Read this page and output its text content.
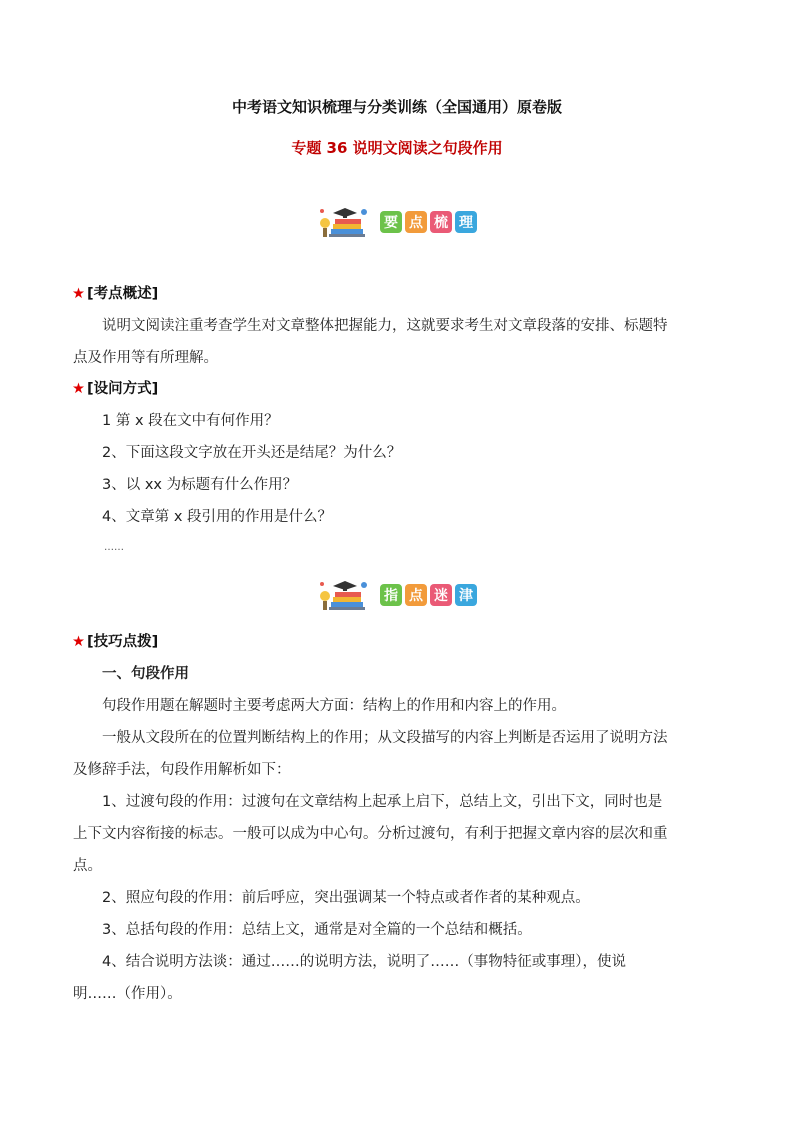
中考语文知识梳理与分类训练（全国通用）原卷版
专题 36 说明文阅读之句段作用
要 点 梳 理
★ [考点概述]
说明文阅读注重考查学生对文章整体把握能力，这就要求考生对文章段落的安排、标题特
点及作用等有所理解。
★ [设问方式]
1 第 x 段在文中有何作用？
2、下面这段文字放在开头还是结尾？为什么？
3、以 xx 为标题有什么作用？
4、文章第 x 段引用的作用是什么？
……
指 点 迷 津
★ [技巧点拨]
一、句段作用
句段作用题在解题时主要考虑两大方面：结构上的作用和内容上的作用。
一般从文段所在的位置判断结构上的作用；从文段描写的内容上判断是否运用了说明方法
及修辞手法，句段作用解析如下：
1、过渡句段的作用：过渡句在文章结构上起承上启下，总结上文，引出下文，同时也是
上下文内容衔接的标志。一般可以成为中心句。分析过渡句，有利于把握文章内容的层次和重
点。
2、照应句段的作用：前后呼应，突出强调某一个特点或者作者的某种观点。
3、总括句段的作用：总结上文，通常是对全篇的一个总结和概括。
4、结合说明方法谈：通过……的说明方法，说明了……（事物特征或事理），使说
明……（作用）。
